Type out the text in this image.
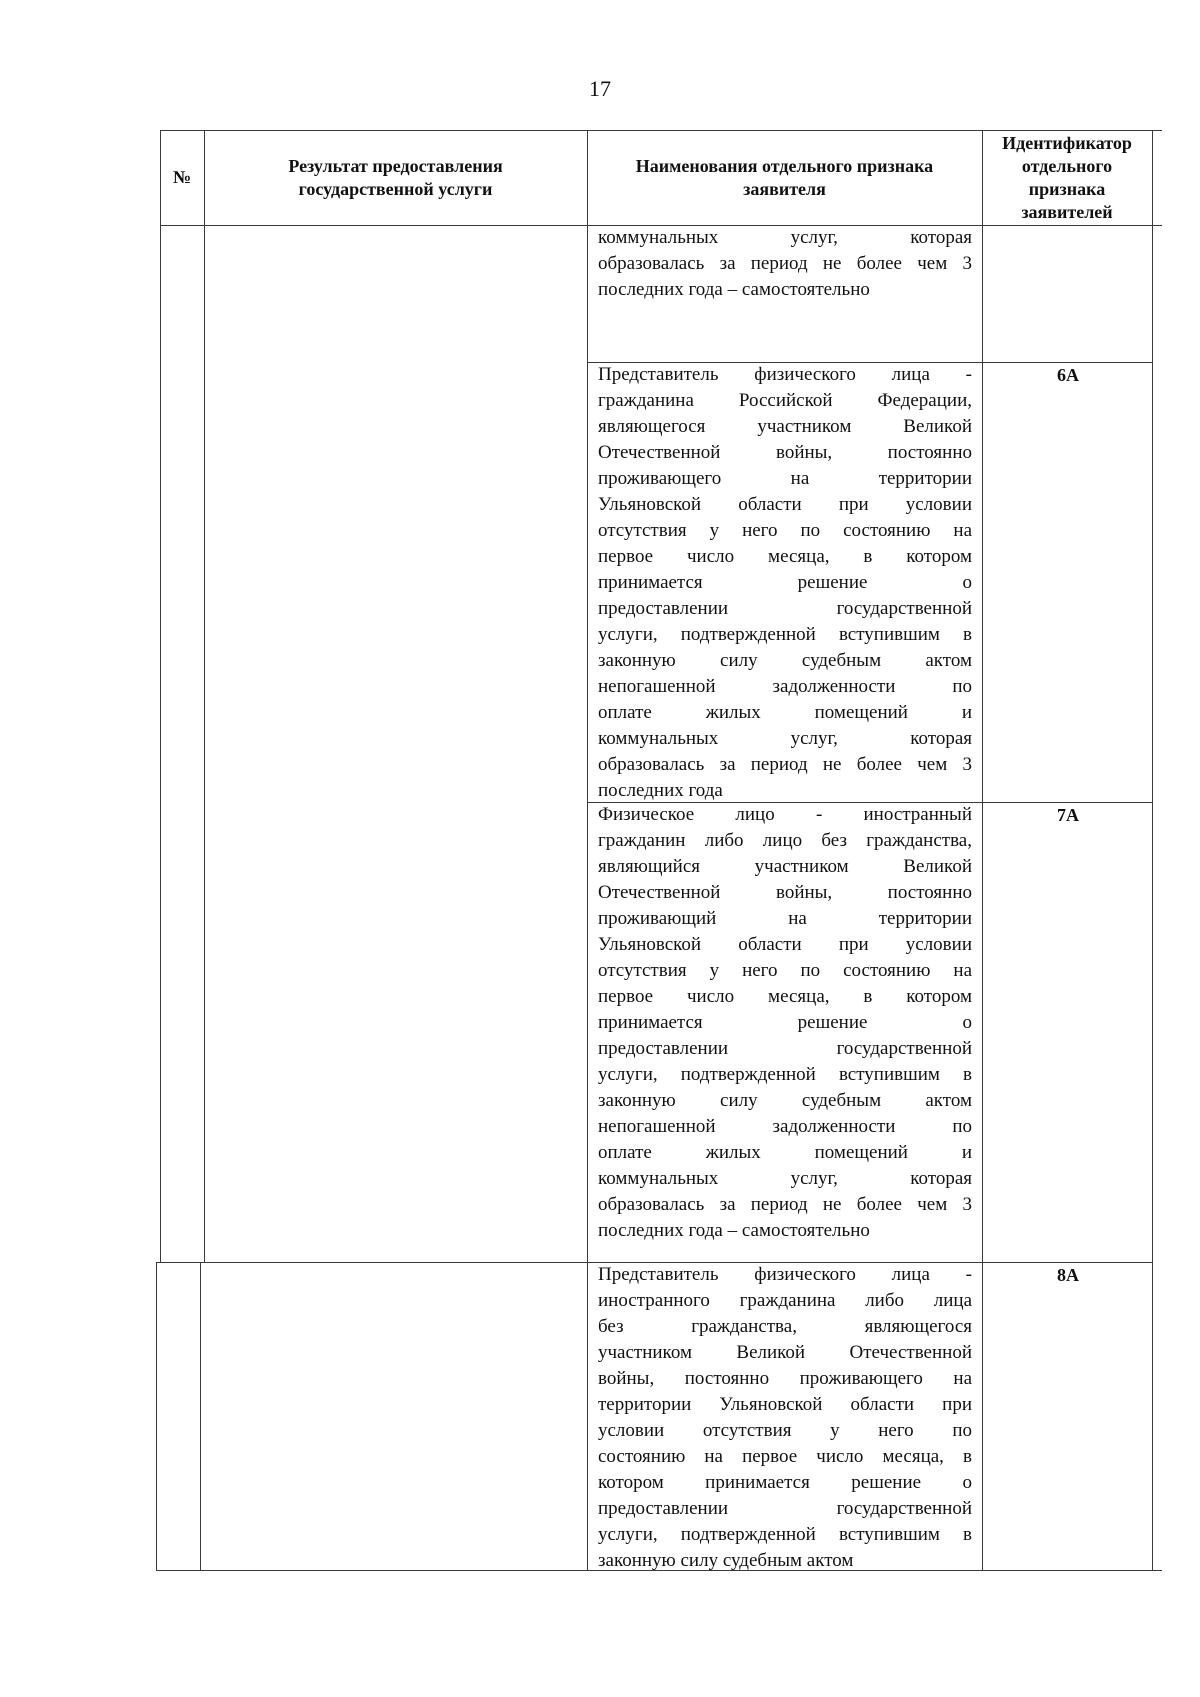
17
№
Результат предоставления
государственной услуги
Наименования отдельного признака
заявителя
Идентификатор
отдельного
признака
заявителей
коммунальных услуг, которая
образовалась за период не более чем 3
последних года – самостоятельно
Представитель физического лица -
гражданина Российской Федерации,
являющегося участником Великой
Отечественной войны, постоянно
проживающего на территории
Ульяновской области при условии
отсутствия у него по состоянию на
первое число месяца, в котором
принимается решение о
предоставлении государственной
услуги, подтвержденной вступившим в
законную силу судебным актом
непогашенной задолженности по
оплате жилых помещений и
коммунальных услуг, которая
образовалась за период не более чем 3
последних года
Физическое лицо - иностранный
гражданин либо лицо без гражданства,
являющийся участником Великой
Отечественной войны, постоянно
проживающий на территории
Ульяновской области при условии
отсутствия у него по состоянию на
первое число месяца, в котором
принимается решение о
предоставлении государственной
услуги, подтвержденной вступившим в
законную силу судебным актом
непогашенной задолженности по
оплате жилых помещений и
коммунальных услуг, которая
образовалась за период не более чем 3
последних года – самостоятельно
Представитель физического лица -
иностранного гражданина либо лица
без гражданства, являющегося
участником Великой Отечественной
войны, постоянно проживающего на
территории Ульяновской области при
условии отсутствия у него по
состоянию на первое число месяца, в
котором принимается решение о
предоставлении государственной
услуги, подтвержденной вступившим в
законную силу судебным актом
6А
7А
8А
